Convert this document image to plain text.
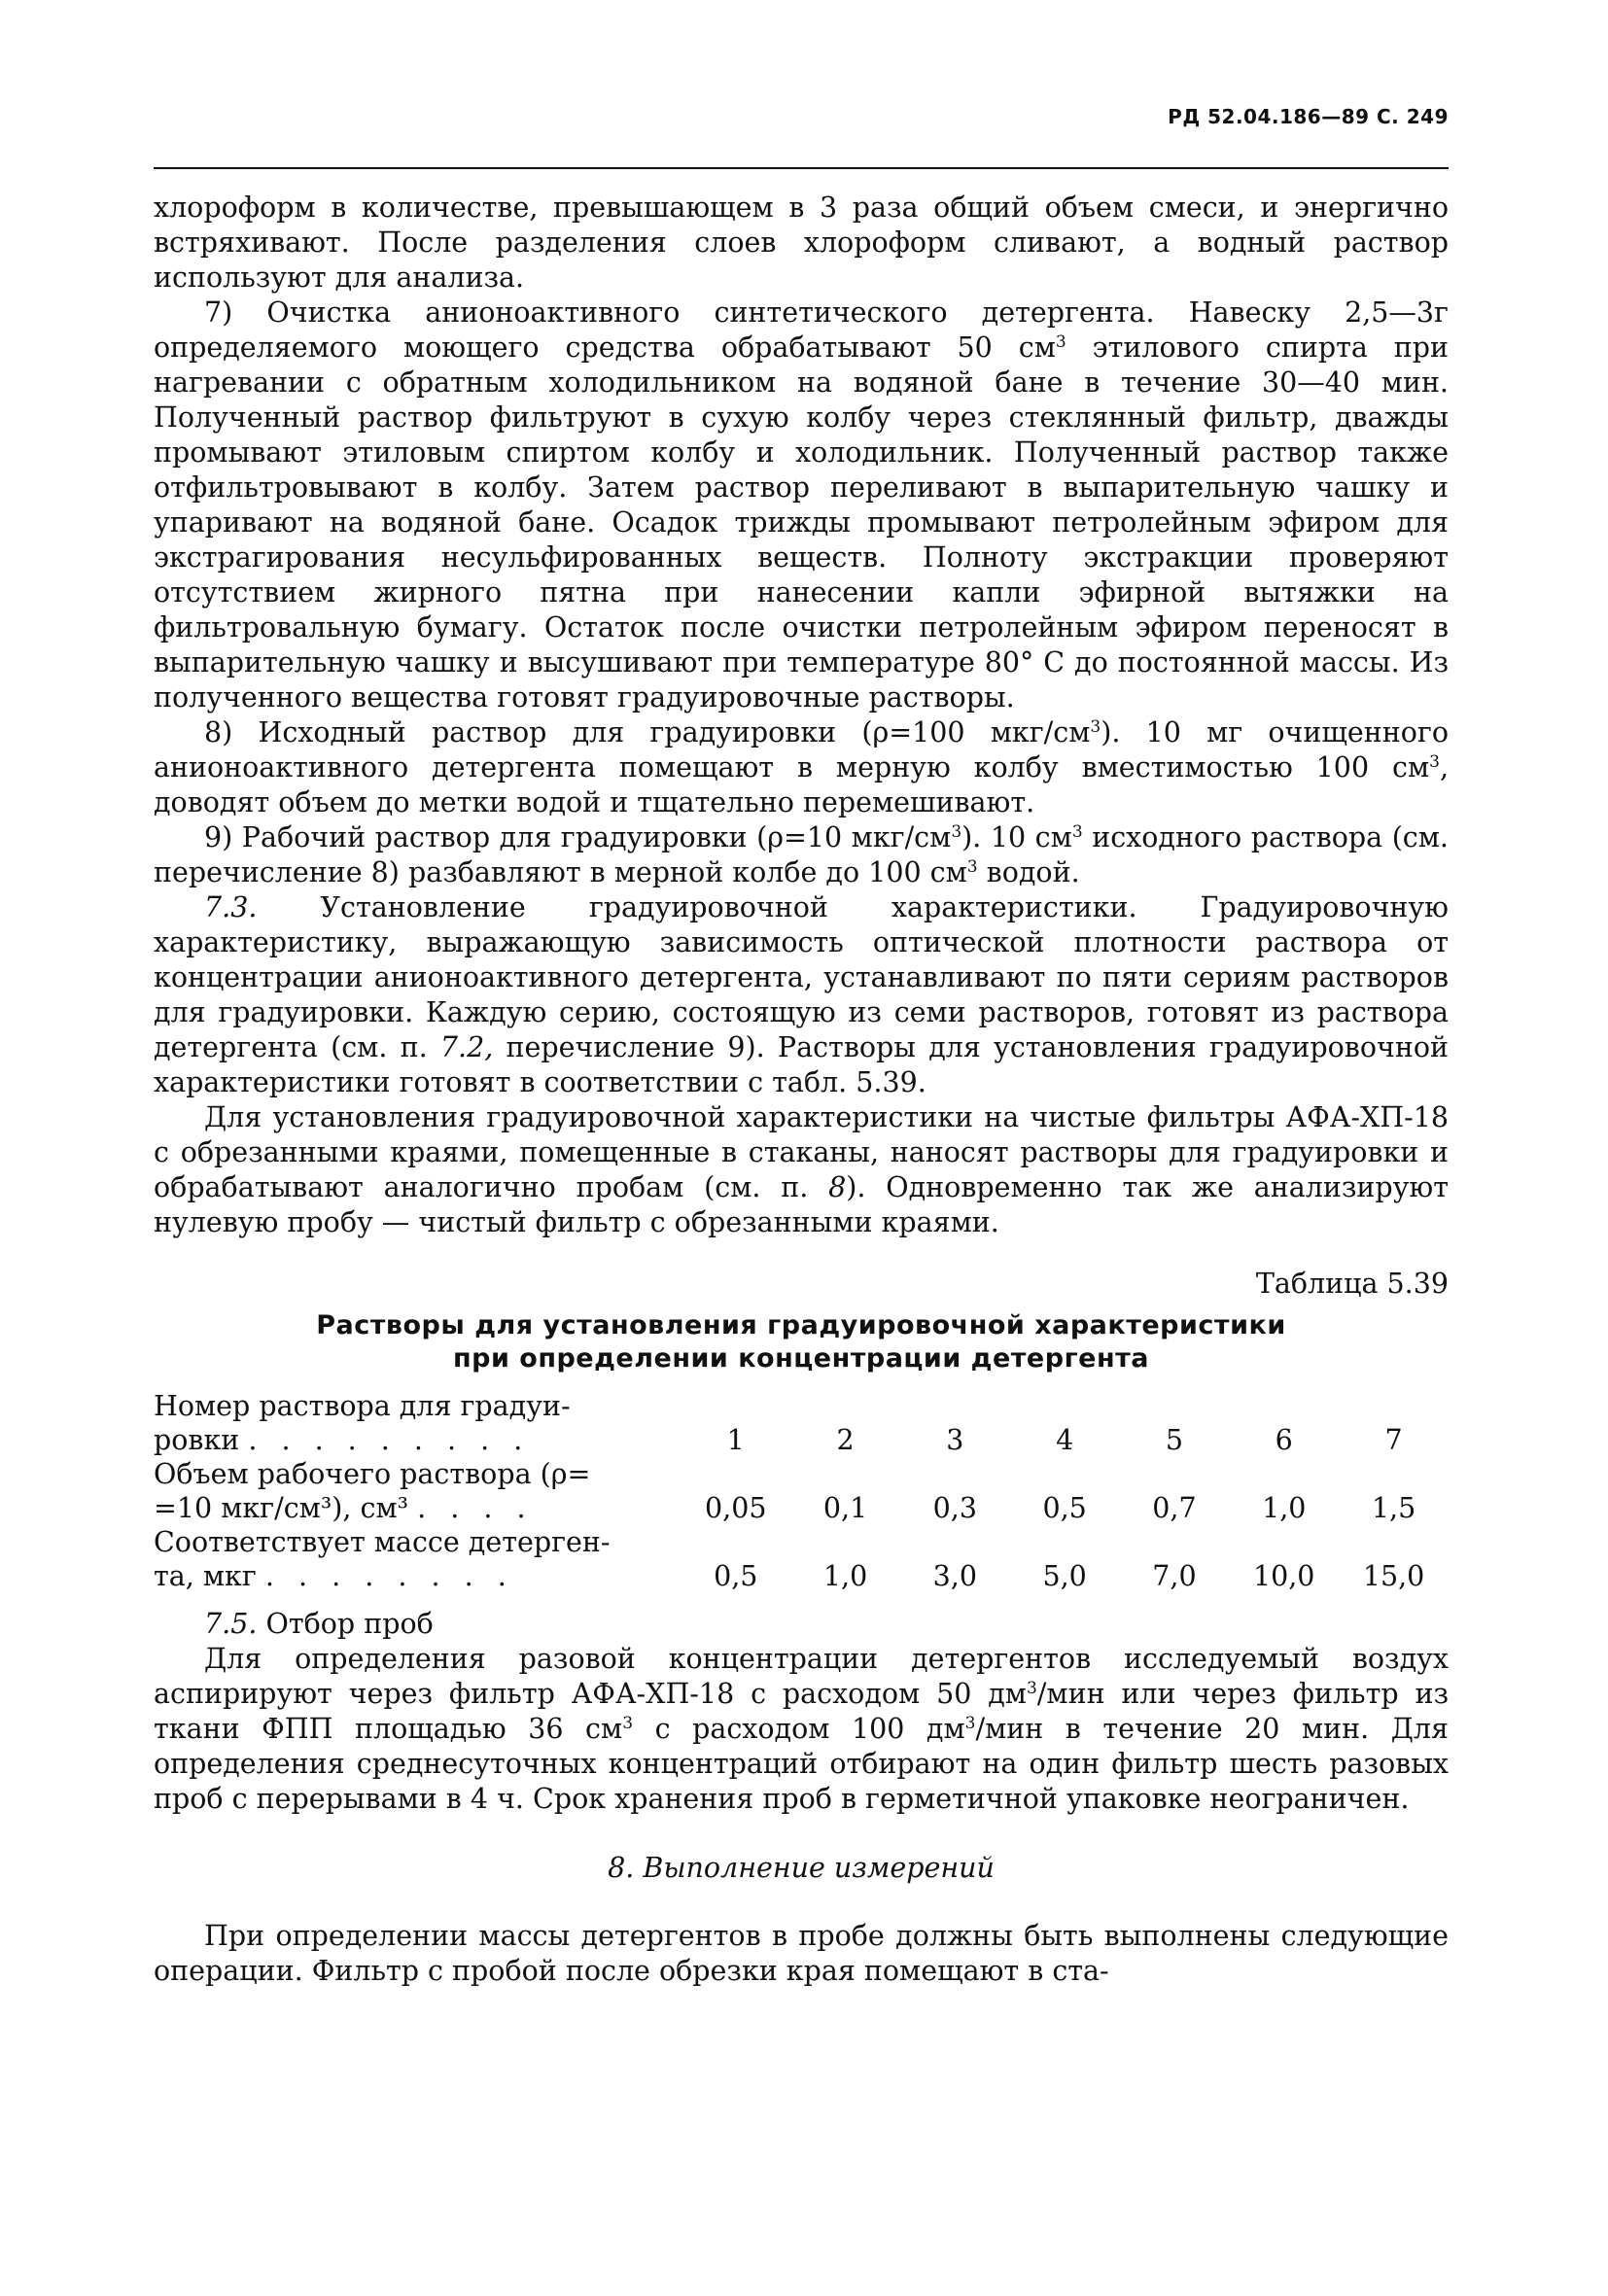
РД 52.04.186—89 С. 249

хлороформ в количестве, превышающем в 3 раза общий объем смеси, и энергично встряхивают. После разделения слоев хлороформ сливают, а водный раствор используют для анализа.

7) Очистка анионоактивного синтетического детергента. Навеску 2,5—3г определяемого моющего средства обрабатывают 50 $см^3$ этилового спирта при нагревании с обратным холодильником на водяной бане в течение 30—40 мин. Полученный раствор фильтруют в сухую колбу через стеклянный фильтр, дважды промывают этиловым спиртом колбу и холодильник. Полученный раствор также отфильтровывают в колбу. Затем раствор переливают в выпарительную чашку и упаривают на водяной бане. Осадок трижды промывают петролейным эфиром для экстрагирования несульфированных веществ. Полноту экстракции проверяют отсутствием жирного пятна при нанесении капли эфирной вытяжки на фильтровальную бумагу. Остаток после очистки петролейным эфиром переносят в выпарительную чашку и высушивают при температуре 80° С до постоянной массы. Из полученного вещества готовят градуировочные растворы.

8) Исходный раствор для градуировки (ρ=100 мкг/$см^3$). 10 мг очищенного анионоактивного детергента помещают в мерную колбу вместимостью 100 $см^3$, доводят объем до метки водой и тщательно перемешивают.

9) Рабочий раствор для градуировки (ρ=10 мкг/$см^3$). 10 $см^3$ исходного раствора (см. перечисление 8) разбавляют в мерной колбе до 100 $см^3$ водой.

7.3. Установление градуировочной характеристики. Градуировочную характеристику, выражающую зависимость оптической плотности раствора от концентрации анионоактивного детергента, устанавливают по пяти сериям растворов для градуировки. Каждую серию, состоящую из семи растворов, готовят из раствора детергента (см. п. 7.2, перечисление 9). Растворы для установления градуировочной характеристики готовят в соответствии с табл. 5.39.

Для установления градуировочной характеристики на чистые фильтры АФА-ХП-18 с обрезанными краями, помещенные в стаканы, наносят растворы для градуировки и обрабатывают аналогично пробам (см. п. 8). Одновременно так же анализируют нулевую пробу — чистый фильтр с обрезанными краями.

Таблица 5.39
Растворы для установления градуировочной характеристики
при определении концентрации детергента
Номер раствора для градуи-							
ровки . . . . . . . . .	1	2	3	4	5	6	7
Объем рабочего раствора (ρ=							
=10 мкг/см³), см³ . . . .	0,05	0,1	0,3	0,5	0,7	1,0	1,5
Соответствует массе детерген-							
та, мкг . . . . . . . .	0,5	1,0	3,0	5,0	7,0	10,0	15,0

7.5. Отбор проб

Для определения разовой концентрации детергентов исследуемый воздух аспирируют через фильтр АФА-ХП-18 с расходом 50 $дм^3$/мин или через фильтр из ткани ФПП площадью 36 $см^3$ с расходом 100 $дм^3$/мин в течение 20 мин. Для определения среднесуточных концентраций отбирают на один фильтр шесть разовых проб с перерывами в 4 ч. Срок хранения проб в герметичной упаковке неограничен.

8. Выполнение измерений

При определении массы детергентов в пробе должны быть выполнены следующие операции. Фильтр с пробой после обрезки края помещают в ста-
